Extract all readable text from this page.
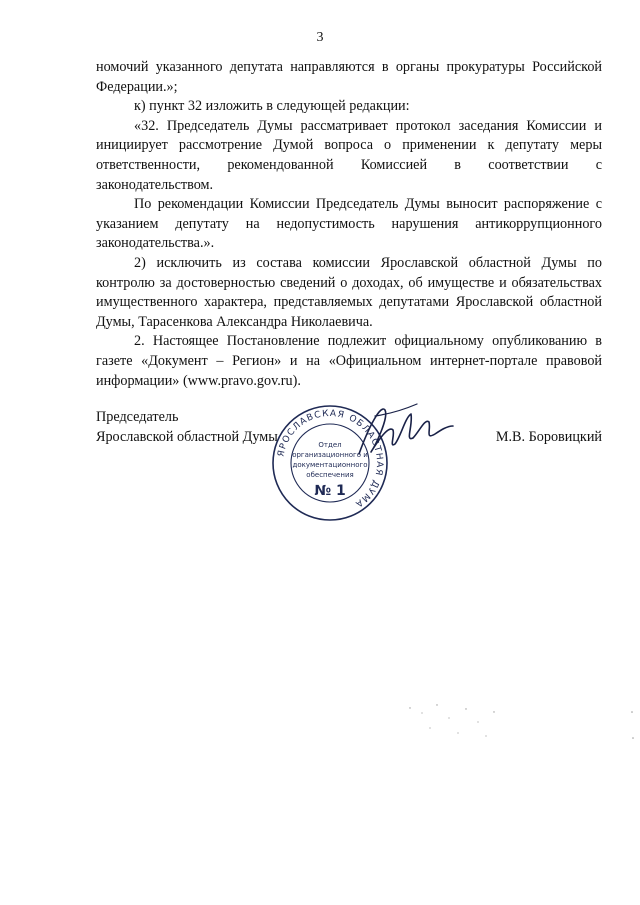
3

номочий указанного депутата направляются в органы прокуратуры Российской Федерации.»;

к) пункт 32 изложить в следующей редакции:

«32. Председатель Думы рассматривает протокол заседания Комиссии и инициирует рассмотрение Думой вопроса о применении к депутату меры ответственности, рекомендованной Комиссией в соответствии с законодательством.

По рекомендации Комиссии Председатель Думы выносит распоряжение с указанием депутату на недопустимость нарушения антикоррупционного законодательства.».

2) исключить из состава комиссии Ярославской областной Думы по контролю за достоверностью сведений о доходах, об имуществе и обязательствах имущественного характера, представляемых депутатами Ярославской областной Думы, Тарасенкова Александра Николаевича.

2. Настоящее Постановление подлежит официальному опубликованию в газете «Документ – Регион» и на «Официальном интернет-портале правовой информации» (www.pravo.gov.ru).

Председатель
Ярославской областной Думы	М.В. Боровицкий
ЯРОСЛАВСКАЯ ОБЛАСТНАЯ ДУМА
Отдел
организационного и
документационного
обеспечения
№ 1
